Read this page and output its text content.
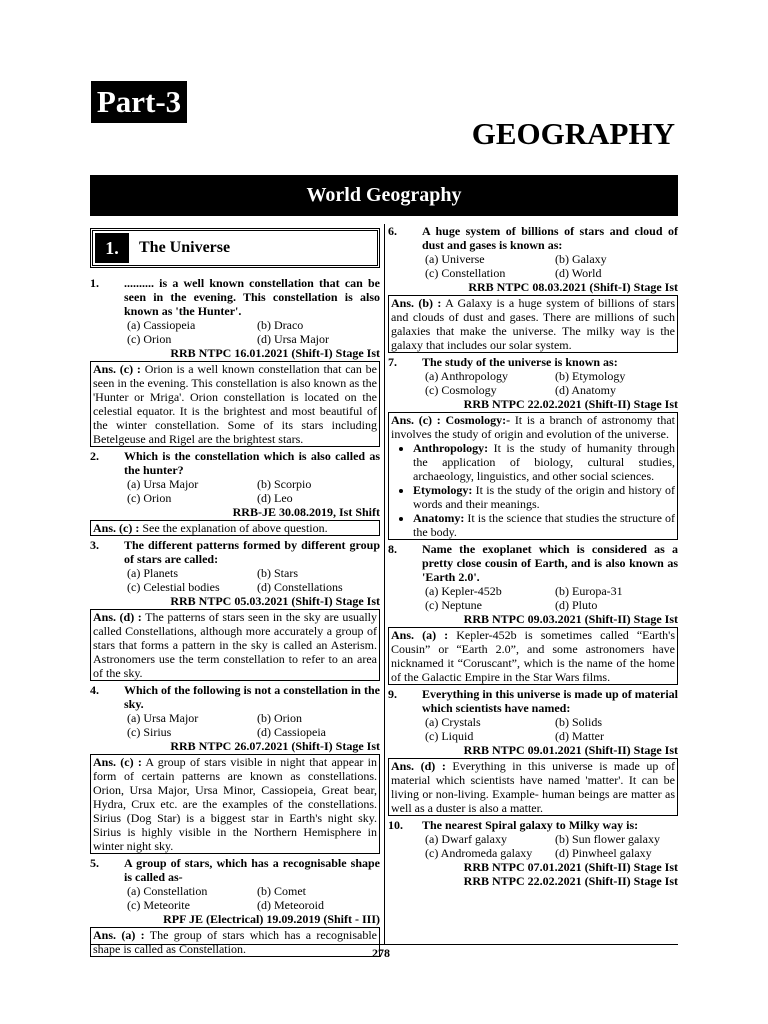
Part-3
GEOGRAPHY
World Geography
1.	The Universe
1.	.......... is a well known constellation that can be seen in the evening. This constellation is also known as 'the Hunter'.
(a) Cassiopeia	(b) Draco
(c) Orion	(d) Ursa Major
RRB NTPC 16.01.2021 (Shift-I) Stage Ist
Ans. (c) : Orion is a well known constellation that can be seen in the evening. This constellation is also known as the 'Hunter or Mriga'. Orion constellation is located on the celestial equator. It is the brightest and most beautiful of the winter constellation. Some of its stars including Betelgeuse and Rigel are the brightest stars.
2.	Which is the constellation which is also called as the hunter?
(a) Ursa Major	(b) Scorpio
(c) Orion	(d) Leo
RRB-JE 30.08.2019, Ist Shift
Ans. (c) : See the explanation of above question.
3.	The different patterns formed by different group of stars are called:
(a) Planets	(b) Stars
(c) Celestial bodies	(d) Constellations
RRB NTPC 05.03.2021 (Shift-I) Stage Ist
Ans. (d) : The patterns of stars seen in the sky are usually called Constellations, although more accurately a group of stars that forms a pattern in the sky is called an Asterism. Astronomers use the term constellation to refer to an area of the sky.
4.	Which of the following is not a constellation in the sky.
(a) Ursa Major	(b) Orion
(c) Sirius	(d) Cassiopeia
RRB NTPC 26.07.2021 (Shift-I) Stage Ist
Ans. (c) : A group of stars visible in night that appear in form of certain patterns are known as constellations. Orion, Ursa Major, Ursa Minor, Cassiopeia, Great bear, Hydra, Crux etc. are the examples of the constellations. Sirius (Dog Star) is a biggest star in Earth's night sky. Sirius is highly visible in the Northern Hemisphere in winter night sky.
5.	A group of stars, which has a recognisable shape is called as-
(a) Constellation	(b) Comet
(c) Meteorite	(d) Meteoroid
RPF JE (Electrical) 19.09.2019 (Shift - III)
Ans. (a) : The group of stars which has a recognisable shape is called as Constellation.
6.	A huge system of billions of stars and cloud of dust and gases is known as:
(a) Universe	(b) Galaxy
(c) Constellation	(d) World
RRB NTPC 08.03.2021 (Shift-I) Stage Ist
Ans. (b) : A Galaxy is a huge system of billions of stars and clouds of dust and gases. There are millions of such galaxies that make the universe. The milky way is the galaxy that includes our solar system.
7.	The study of the universe is known as:
(a) Anthropology	(b) Etymology
(c) Cosmology	(d) Anatomy
RRB NTPC 22.02.2021 (Shift-II) Stage Ist
Ans. (c) : Cosmology:- It is a branch of astronomy that involves the study of origin and evolution of the universe.
• Anthropology: It is the study of humanity through the application of biology, cultural studies, archaeology, linguistics, and other social sciences.
• Etymology: It is the study of the origin and history of words and their meanings.
• Anatomy: It is the science that studies the structure of the body.
8.	Name the exoplanet which is considered as a pretty close cousin of Earth, and is also known as 'Earth 2.0'.
(a) Kepler-452b	(b) Europa-31
(c) Neptune	(d) Pluto
RRB NTPC 09.03.2021 (Shift-II) Stage Ist
Ans. (a) : Kepler-452b is sometimes called “Earth's Cousin” or “Earth 2.0”, and some astronomers have nicknamed it “Coruscant”, which is the name of the home of the Galactic Empire in the Star Wars films.
9.	Everything in this universe is made up of material which scientists have named:
(a) Crystals	(b) Solids
(c) Liquid	(d) Matter
RRB NTPC 09.01.2021 (Shift-II) Stage Ist
Ans. (d) : Everything in this universe is made up of material which scientists have named 'matter'. It can be living or non-living. Example- human beings are matter as well as a duster is also a matter.
10.	The nearest Spiral galaxy to Milky way is:
(a) Dwarf galaxy	(b) Sun flower galaxy
(c) Andromeda galaxy	(d) Pinwheel galaxy
RRB NTPC 07.01.2021 (Shift-II) Stage Ist
RRB NTPC 22.02.2021 (Shift-II) Stage Ist
278
